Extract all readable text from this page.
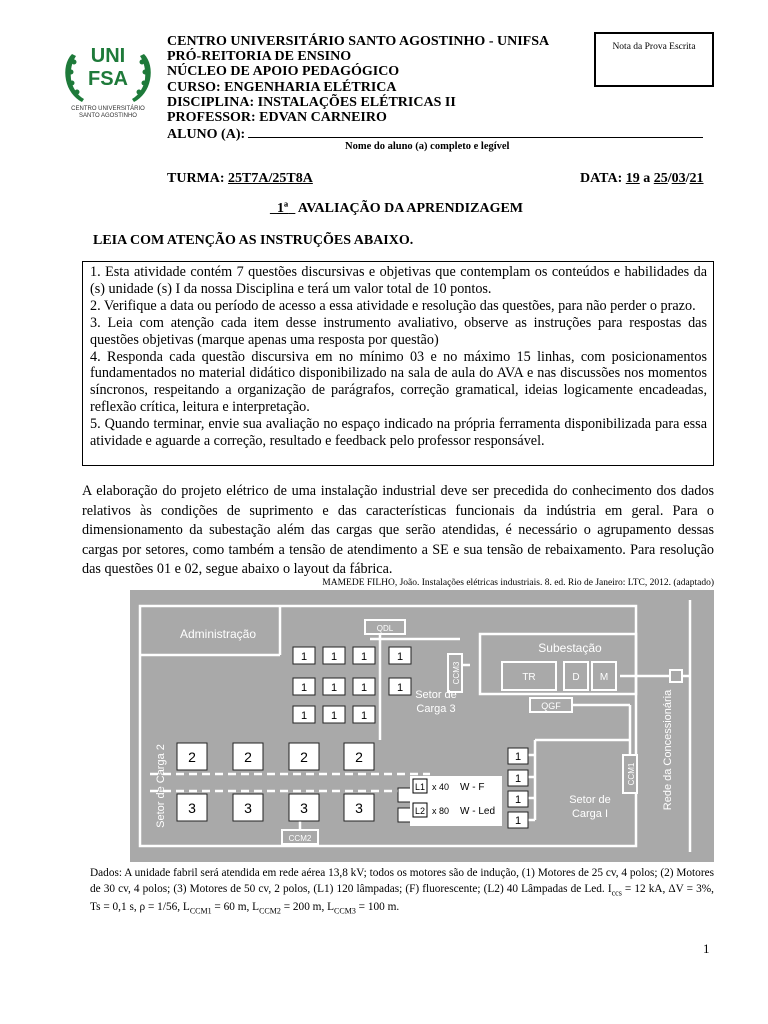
UNI
FSA
CENTRO UNIVERSITÁRIO
SANTO AGOSTINHO
CENTRO UNIVERSITÁRIO SANTO AGOSTINHO - UNIFSA
PRÓ-REITORIA DE ENSINO
NÚCLEO DE APOIO PEDAGÓGICO
CURSO: ENGENHARIA ELÉTRICA
DISCIPLINA: INSTALAÇÕES ELÉTRICAS II
PROFESSOR: EDVAN CARNEIRO
ALUNO (A):
Nome do aluno (a) completo e legível
Nota da Prova Escrita
TURMA: 25T7A/25T8A	DATA: 19 a 25/03/21
_1ª_ AVALIAÇÃO DA APRENDIZAGEM
LEIA COM ATENÇÃO AS INSTRUÇÕES ABAIXO.

1. Esta atividade contém 7 questões discursivas e objetivas que contemplam os conteúdos e habilidades da (s) unidade (s) I da nossa Disciplina e terá um valor total de 10 pontos.

2. Verifique a data ou período de acesso a essa atividade e resolução das questões, para não perder o prazo.

3. Leia com atenção cada item desse instrumento avaliativo, observe as instruções para respostas das questões objetivas (marque apenas uma resposta por questão)

4. Responda cada questão discursiva em no mínimo 03 e no máximo 15 linhas, com posicionamentos fundamentados no material didático disponibilizado na sala de aula do AVA e nas discussões nos momentos síncronos, respeitando a organização de parágrafos, correção gramatical, ideias logicamente encadeadas, reflexão crítica, leitura e interpretação.

5. Quando terminar, envie sua avaliação no espaço indicado na própria ferramenta disponibilizada para essa atividade e aguarde a correção, resultado e feedback pelo professor responsável.

A elaboração do projeto elétrico de uma instalação industrial deve ser precedida do conhecimento dos dados relativos às condições de suprimento e das características funcionais da indústria em geral. Para o dimensionamento da subestação além das cargas que serão atendidas, é necessário o agrupamento dessas cargas por setores, como também a tensão de atendimento a SE e sua tensão de rebaixamento. Para resolução das questões 01 e 02, segue abaixo o layout da fábrica.
MAMEDE FILHO, João. Instalações elétricas industriais. 8. ed. Rio de Janeiro: LTC, 2012. (adaptado)
CCM3
Administração	QDL
Subestação
TR	D M
QGF
1 1 1	1
1 1 1	1
1 1 1
Setor de
Carga 3
2	2	2	2
3	3	3	3
Setor de Carga 2
CCM2
L1 x 40 W - F
L2 x 80 W - Led
1
1
1
1
Setor de
Carga I
CCM1 Rede da Concessionária
Dados: A unidade fabril será atendida em rede aérea 13,8 kV; todos os motores são de indução, (1) Motores de 25 cv, 4 polos; (2) Motores de 30 cv, 4 polos; (3) Motores de 50 cv, 2 polos, (L1) 120 lâmpadas; (F) fluorescente; (L2) 40 Lâmpadas de Led. $I_{ccs} = 12$ kA, ΔV = 3%, Ts = 0,1 s, ρ = 1/56, $L_{CCM1} = 60$ m, $L_{CCM2} = 200$ m, $L_{CCM3} = 100$ m.
1
